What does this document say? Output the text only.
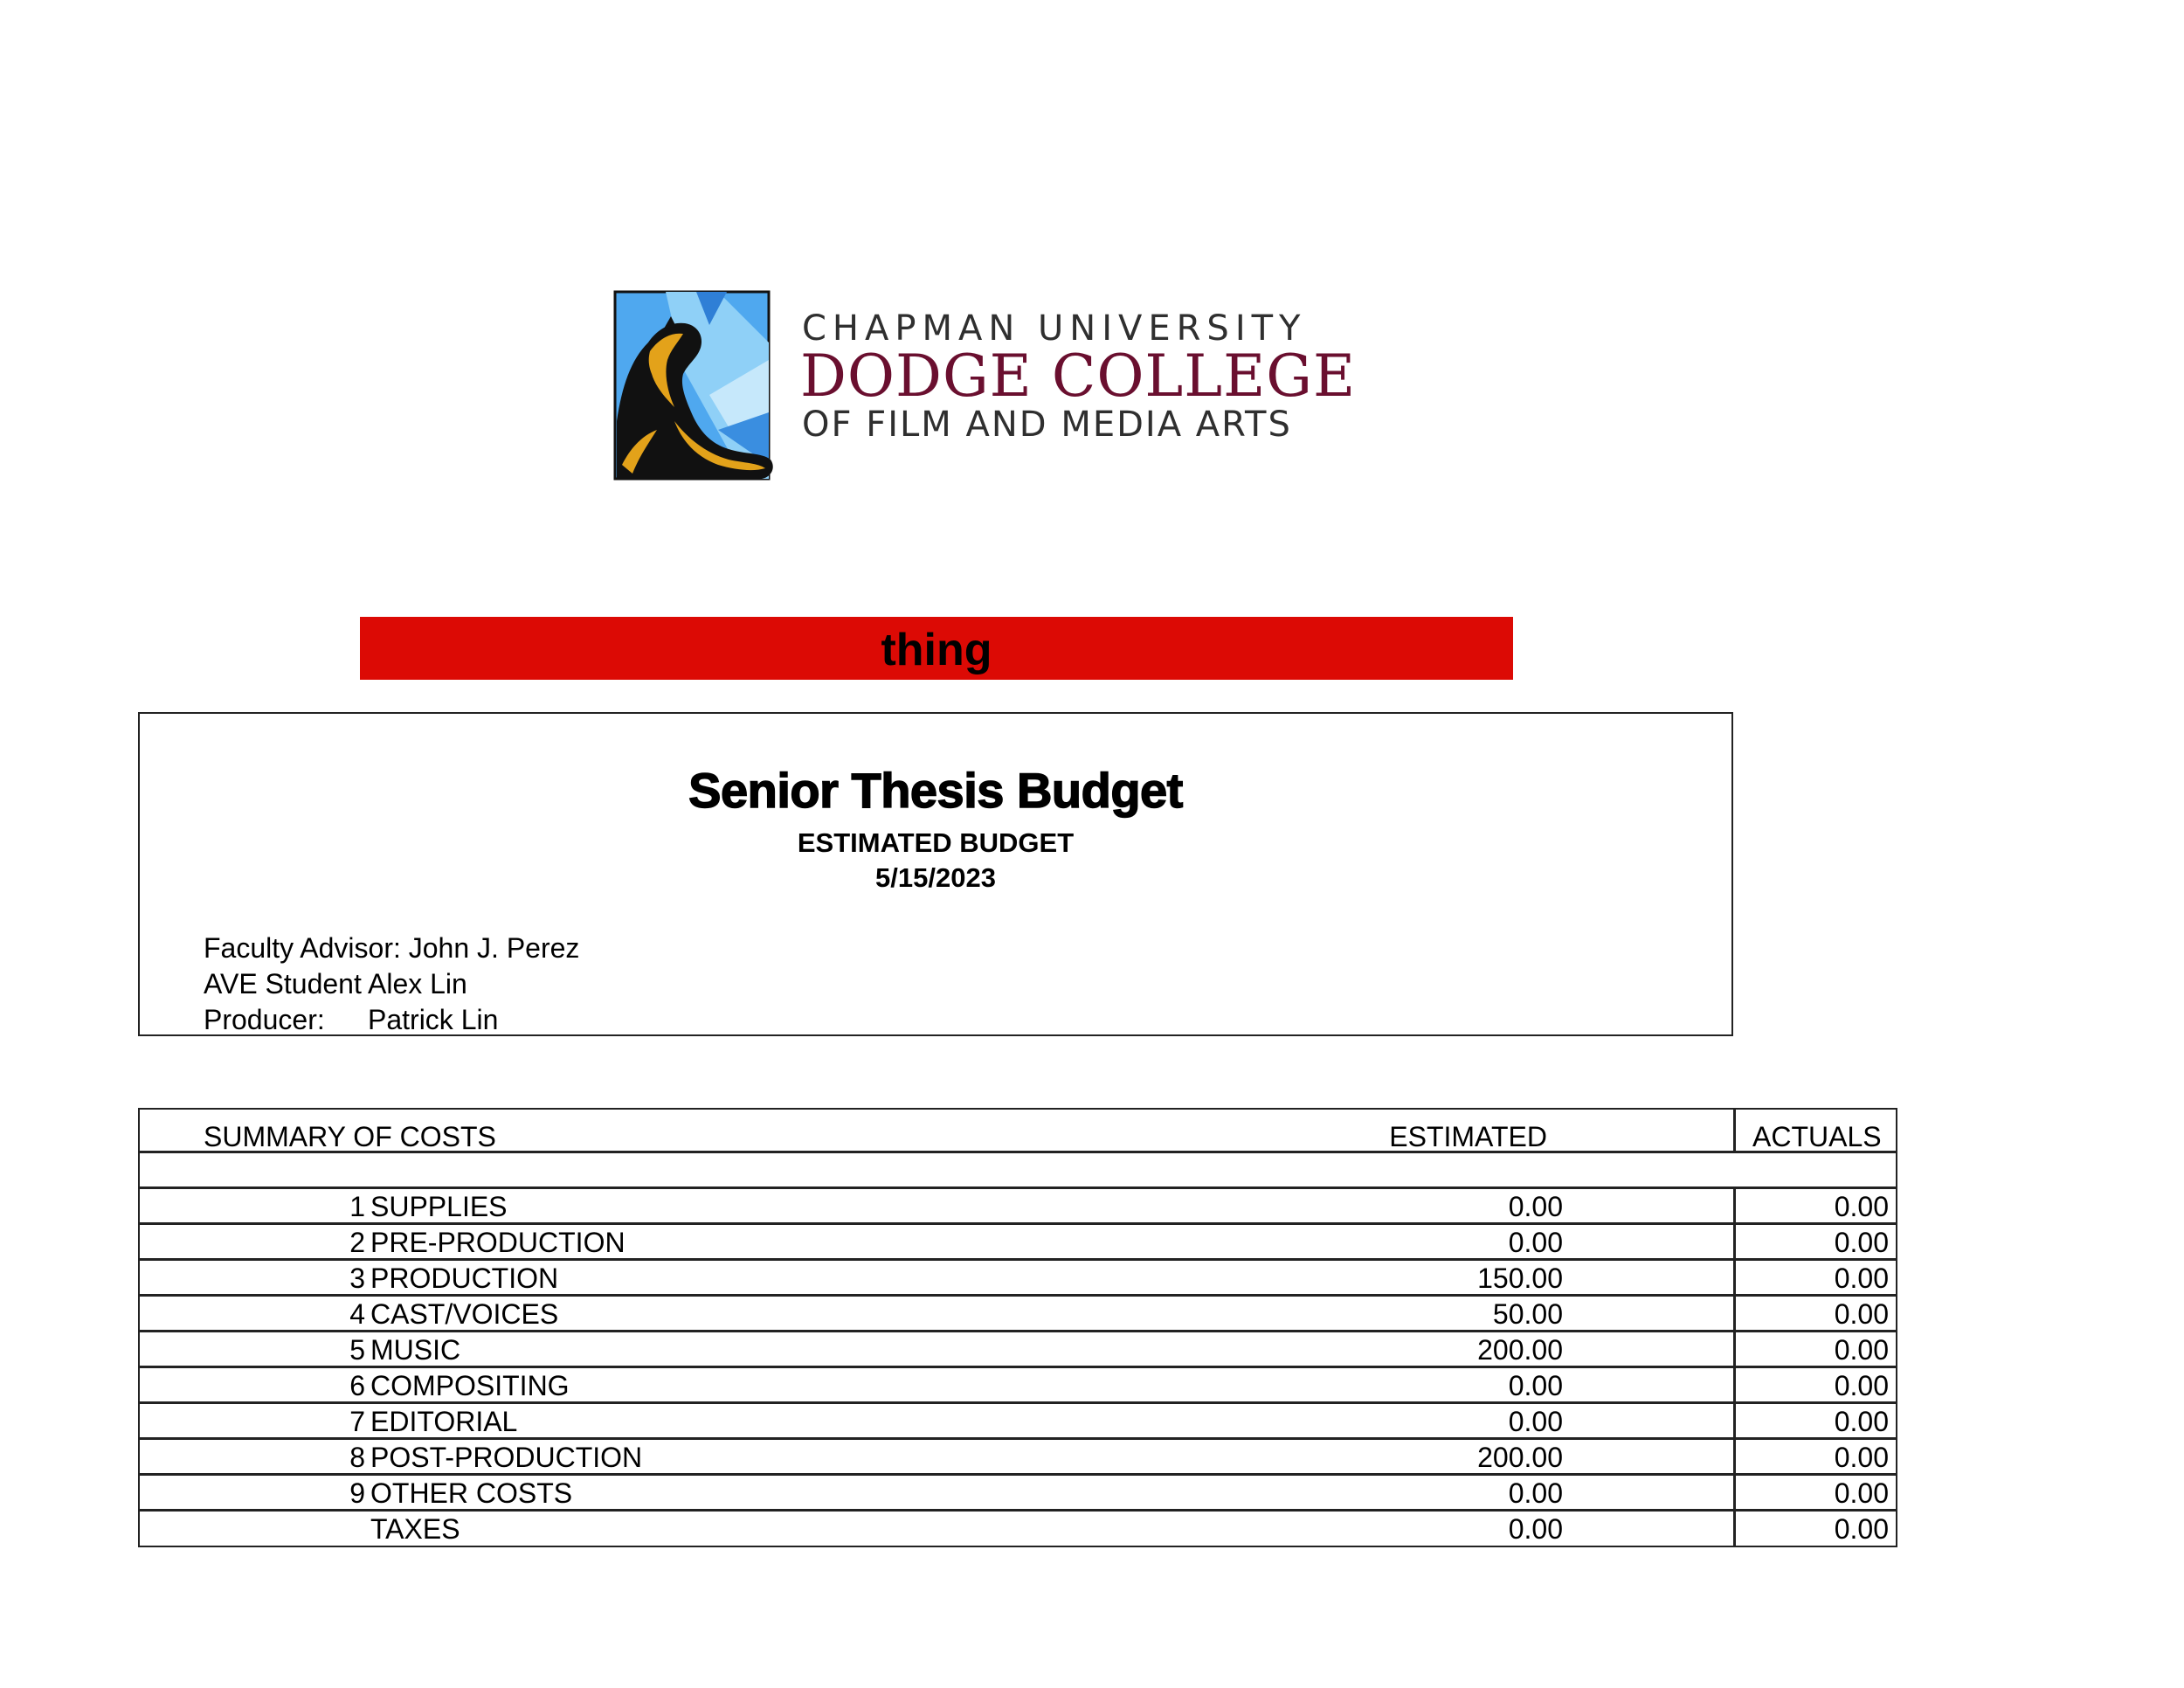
CHAPMAN UNIVERSITY
DODGE COLLEGE
OF FILM AND MEDIA ARTS
thing
Senior Thesis Budget
ESTIMATED BUDGET
5/15/2023
Faculty Advisor: John J. Perez
AVE Student Alex Lin
Producer: Patrick Lin
SUMMARY OF COSTS	ESTIMATED	ACTUALS
1 SUPPLIES	0.00	0.00
2 PRE-PRODUCTION	0.00	0.00
3 PRODUCTION	150.00	0.00
4 CAST/VOICES	50.00	0.00
5 MUSIC	200.00	0.00
6 COMPOSITING	0.00	0.00
7 EDITORIAL	0.00	0.00
8 POST-PRODUCTION	200.00	0.00
9 OTHER COSTS	0.00	0.00
TAXES	0.00	0.00
